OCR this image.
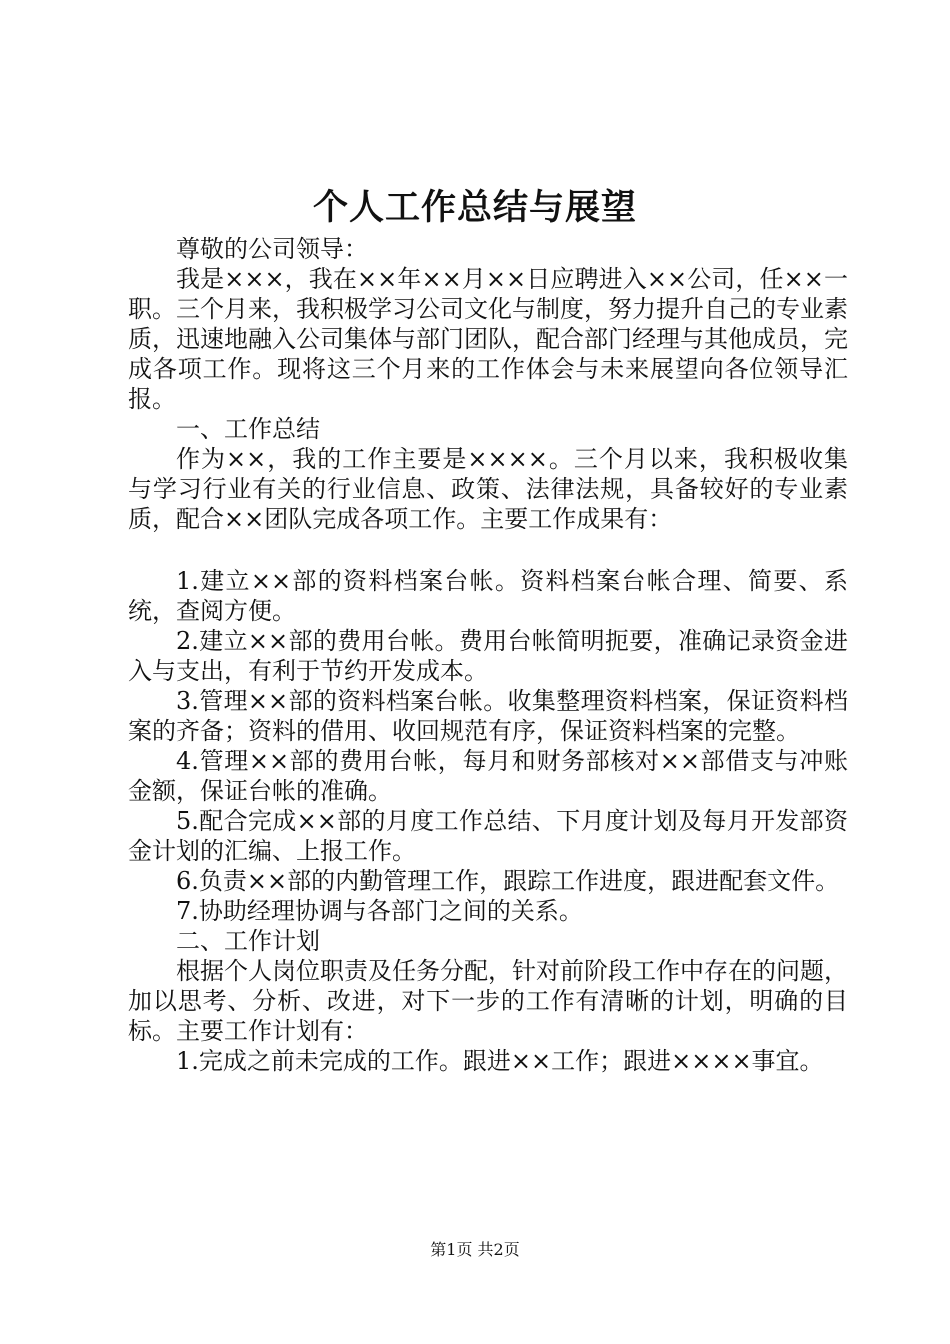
个人工作总结与展望

尊敬的公司领导：

我是×××，我在××年××月××日应聘进入××公司，任××一职。三个月来，我积极学习公司文化与制度，努力提升自己的专业素质，迅速地融入公司集体与部门团队，配合部门经理与其他成员，完成各项工作。现将这三个月来的工作体会与未来展望向各位领导汇报。

一、工作总结

作为××，我的工作主要是××××。三个月以来，我积极收集与学习行业有关的行业信息、政策、法律法规，具备较好的专业素质，配合××团队完成各项工作。主要工作成果有：

1.建立××部的资料档案台帐。资料档案台帐合理、简要、系统，查阅方便。

2.建立××部的费用台帐。费用台帐简明扼要，准确记录资金进入与支出，有利于节约开发成本。

3.管理××部的资料档案台帐。收集整理资料档案，保证资料档案的齐备；资料的借用、收回规范有序，保证资料档案的完整。

4.管理××部的费用台帐，每月和财务部核对××部借支与冲账金额，保证台帐的准确。

5.配合完成××部的月度工作总结、下月度计划及每月开发部资金计划的汇编、上报工作。

6.负责××部的内勤管理工作，跟踪工作进度，跟进配套文件。

7.协助经理协调与各部门之间的关系。

二、工作计划

根据个人岗位职责及任务分配，针对前阶段工作中存在的问题，加以思考、分析、改进，对下一步的工作有清晰的计划，明确的目标。主要工作计划有：

1.完成之前未完成的工作。跟进××工作；跟进××××事宜。

第1页 共2页
